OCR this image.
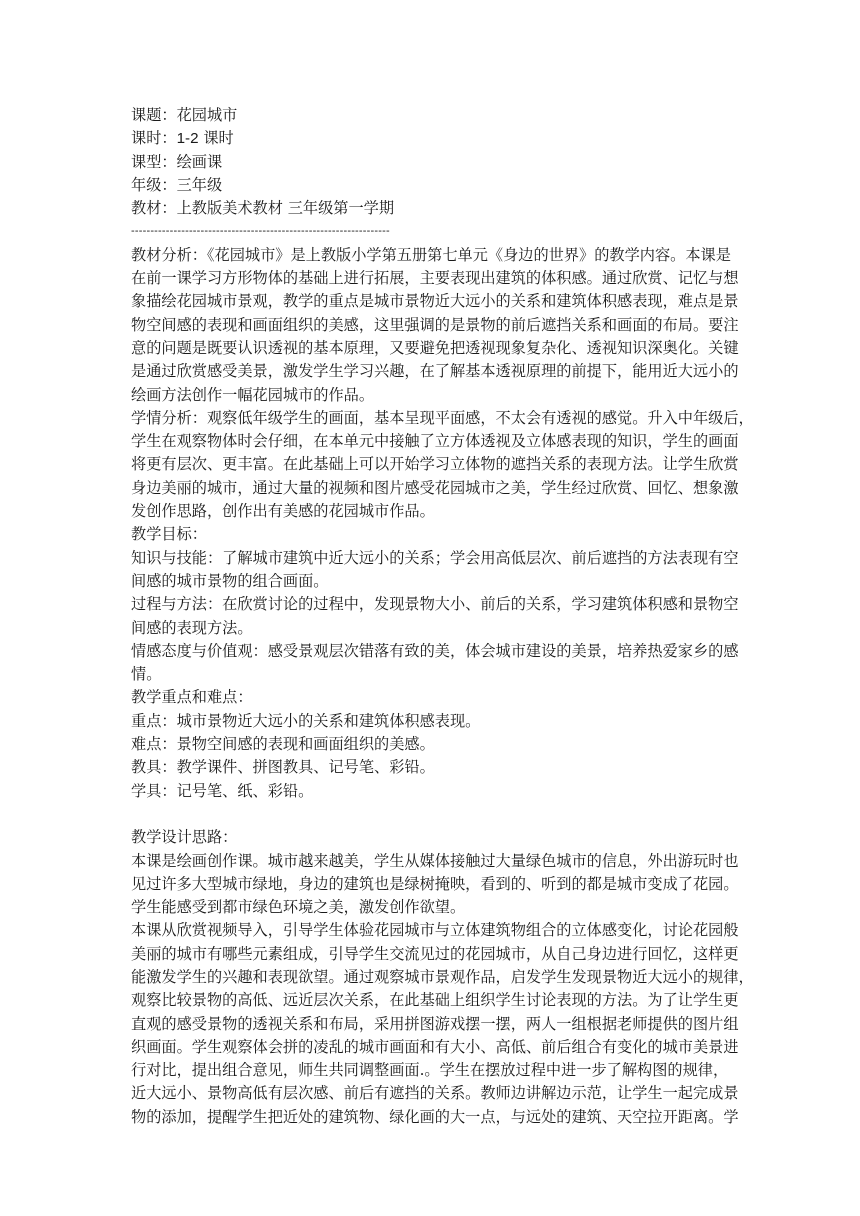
课题：花园城市
课时：1-2 课时
课型：绘画课
年级：三年级
教材：上教版美术教材 三年级第一学期
-------------------------------------------------------------------
教材分析：《花园城市》是上教版小学第五册第七单元《身边的世界》的教学内容。本课是
在前一课学习方形物体的基础上进行拓展，主要表现出建筑的体积感。通过欣赏、记忆与想
象描绘花园城市景观，教学的重点是城市景物近大远小的关系和建筑体积感表现，难点是景
物空间感的表现和画面组织的美感，这里强调的是景物的前后遮挡关系和画面的布局。要注
意的问题是既要认识透视的基本原理，又要避免把透视现象复杂化、透视知识深奥化。关键
是通过欣赏感受美景，激发学生学习兴趣，在了解基本透视原理的前提下，能用近大远小的
绘画方法创作一幅花园城市的作品。
学情分析：观察低年级学生的画面，基本呈现平面感，不太会有透视的感觉。升入中年级后，
学生在观察物体时会仔细，在本单元中接触了立方体透视及立体感表现的知识，学生的画面
将更有层次、更丰富。在此基础上可以开始学习立体物的遮挡关系的表现方法。让学生欣赏
身边美丽的城市，通过大量的视频和图片感受花园城市之美，学生经过欣赏、回忆、想象激
发创作思路，创作出有美感的花园城市作品。
教学目标：
知识与技能：了解城市建筑中近大远小的关系；学会用高低层次、前后遮挡的方法表现有空
间感的城市景物的组合画面。
过程与方法：在欣赏讨论的过程中，发现景物大小、前后的关系，学习建筑体积感和景物空
间感的表现方法。
情感态度与价值观：感受景观层次错落有致的美，体会城市建设的美景，培养热爱家乡的感
情。
教学重点和难点：
重点：城市景物近大远小的关系和建筑体积感表现。
难点：景物空间感的表现和画面组织的美感。
教具：教学课件、拼图教具、记号笔、彩铅。
学具：记号笔、纸、彩铅。
教学设计思路：
本课是绘画创作课。城市越来越美，学生从媒体接触过大量绿色城市的信息，外出游玩时也
见过许多大型城市绿地，身边的建筑也是绿树掩映，看到的、听到的都是城市变成了花园。
学生能感受到都市绿色环境之美，激发创作欲望。
本课从欣赏视频导入，引导学生体验花园城市与立体建筑物组合的立体感变化，讨论花园般
美丽的城市有哪些元素组成，引导学生交流见过的花园城市，从自己身边进行回忆，这样更
能激发学生的兴趣和表现欲望。通过观察城市景观作品，启发学生发现景物近大远小的规律，
观察比较景物的高低、远近层次关系，在此基础上组织学生讨论表现的方法。为了让学生更
直观的感受景物的透视关系和布局，采用拼图游戏摆一摆，两人一组根据老师提供的图片组
织画面。学生观察体会拼的凌乱的城市画面和有大小、高低、前后组合有变化的城市美景进
行对比，提出组合意见，师生共同调整画面.。学生在摆放过程中进一步了解构图的规律，
近大远小、景物高低有层次感、前后有遮挡的关系。教师边讲解边示范，让学生一起完成景
物的添加，提醒学生把近处的建筑物、绿化画的大一点，与远处的建筑、天空拉开距离。学
